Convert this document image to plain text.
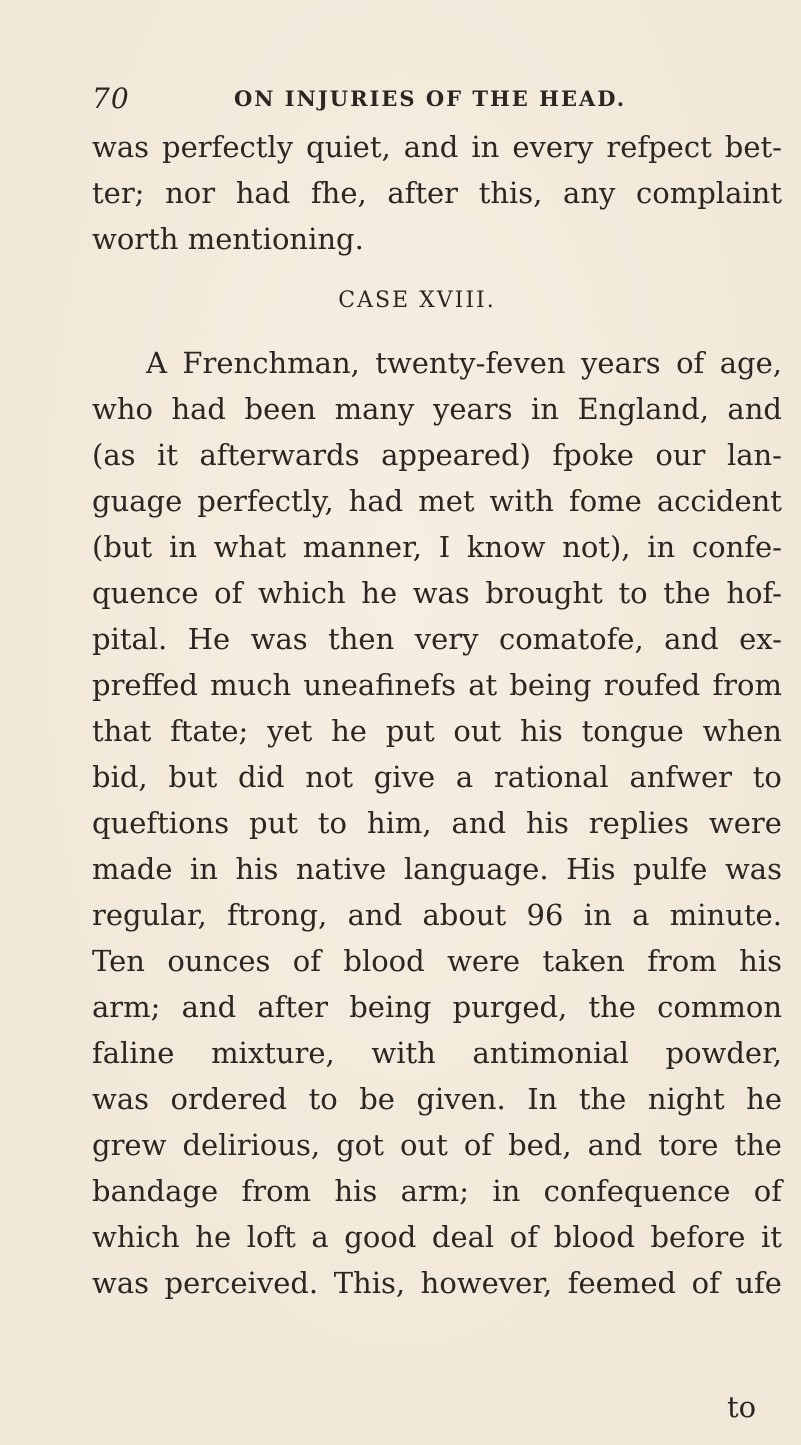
70	ON INJURIES OF THE HEAD.
was perfectly quiet, and in every refpect bet-
ter; nor had fhe, after this, any complaint
worth mentioning.
CASE XVIII.
A Frenchman, twenty-feven years of age,
who had been many years in England, and
(as it afterwards appeared) fpoke our lan-
guage perfectly, had met with fome accident
(but in what manner, I know not), in confe-
quence of which he was brought to the hof-
pital. He was then very comatofe, and ex-
preffed much uneafinefs at being roufed from
that ftate; yet he put out his tongue when
bid, but did not give a rational anfwer to
queftions put to him, and his replies were
made in his native language. His pulfe was
regular, ftrong, and about 96 in a minute.
Ten ounces of blood were taken from his
arm; and after being purged, the common
faline mixture, with antimonial powder,
was ordered to be given. In the night he
grew delirious, got out of bed, and tore the
bandage from his arm; in confequence of
which he loft a good deal of blood before it
was perceived. This, however, feemed of ufe
to
